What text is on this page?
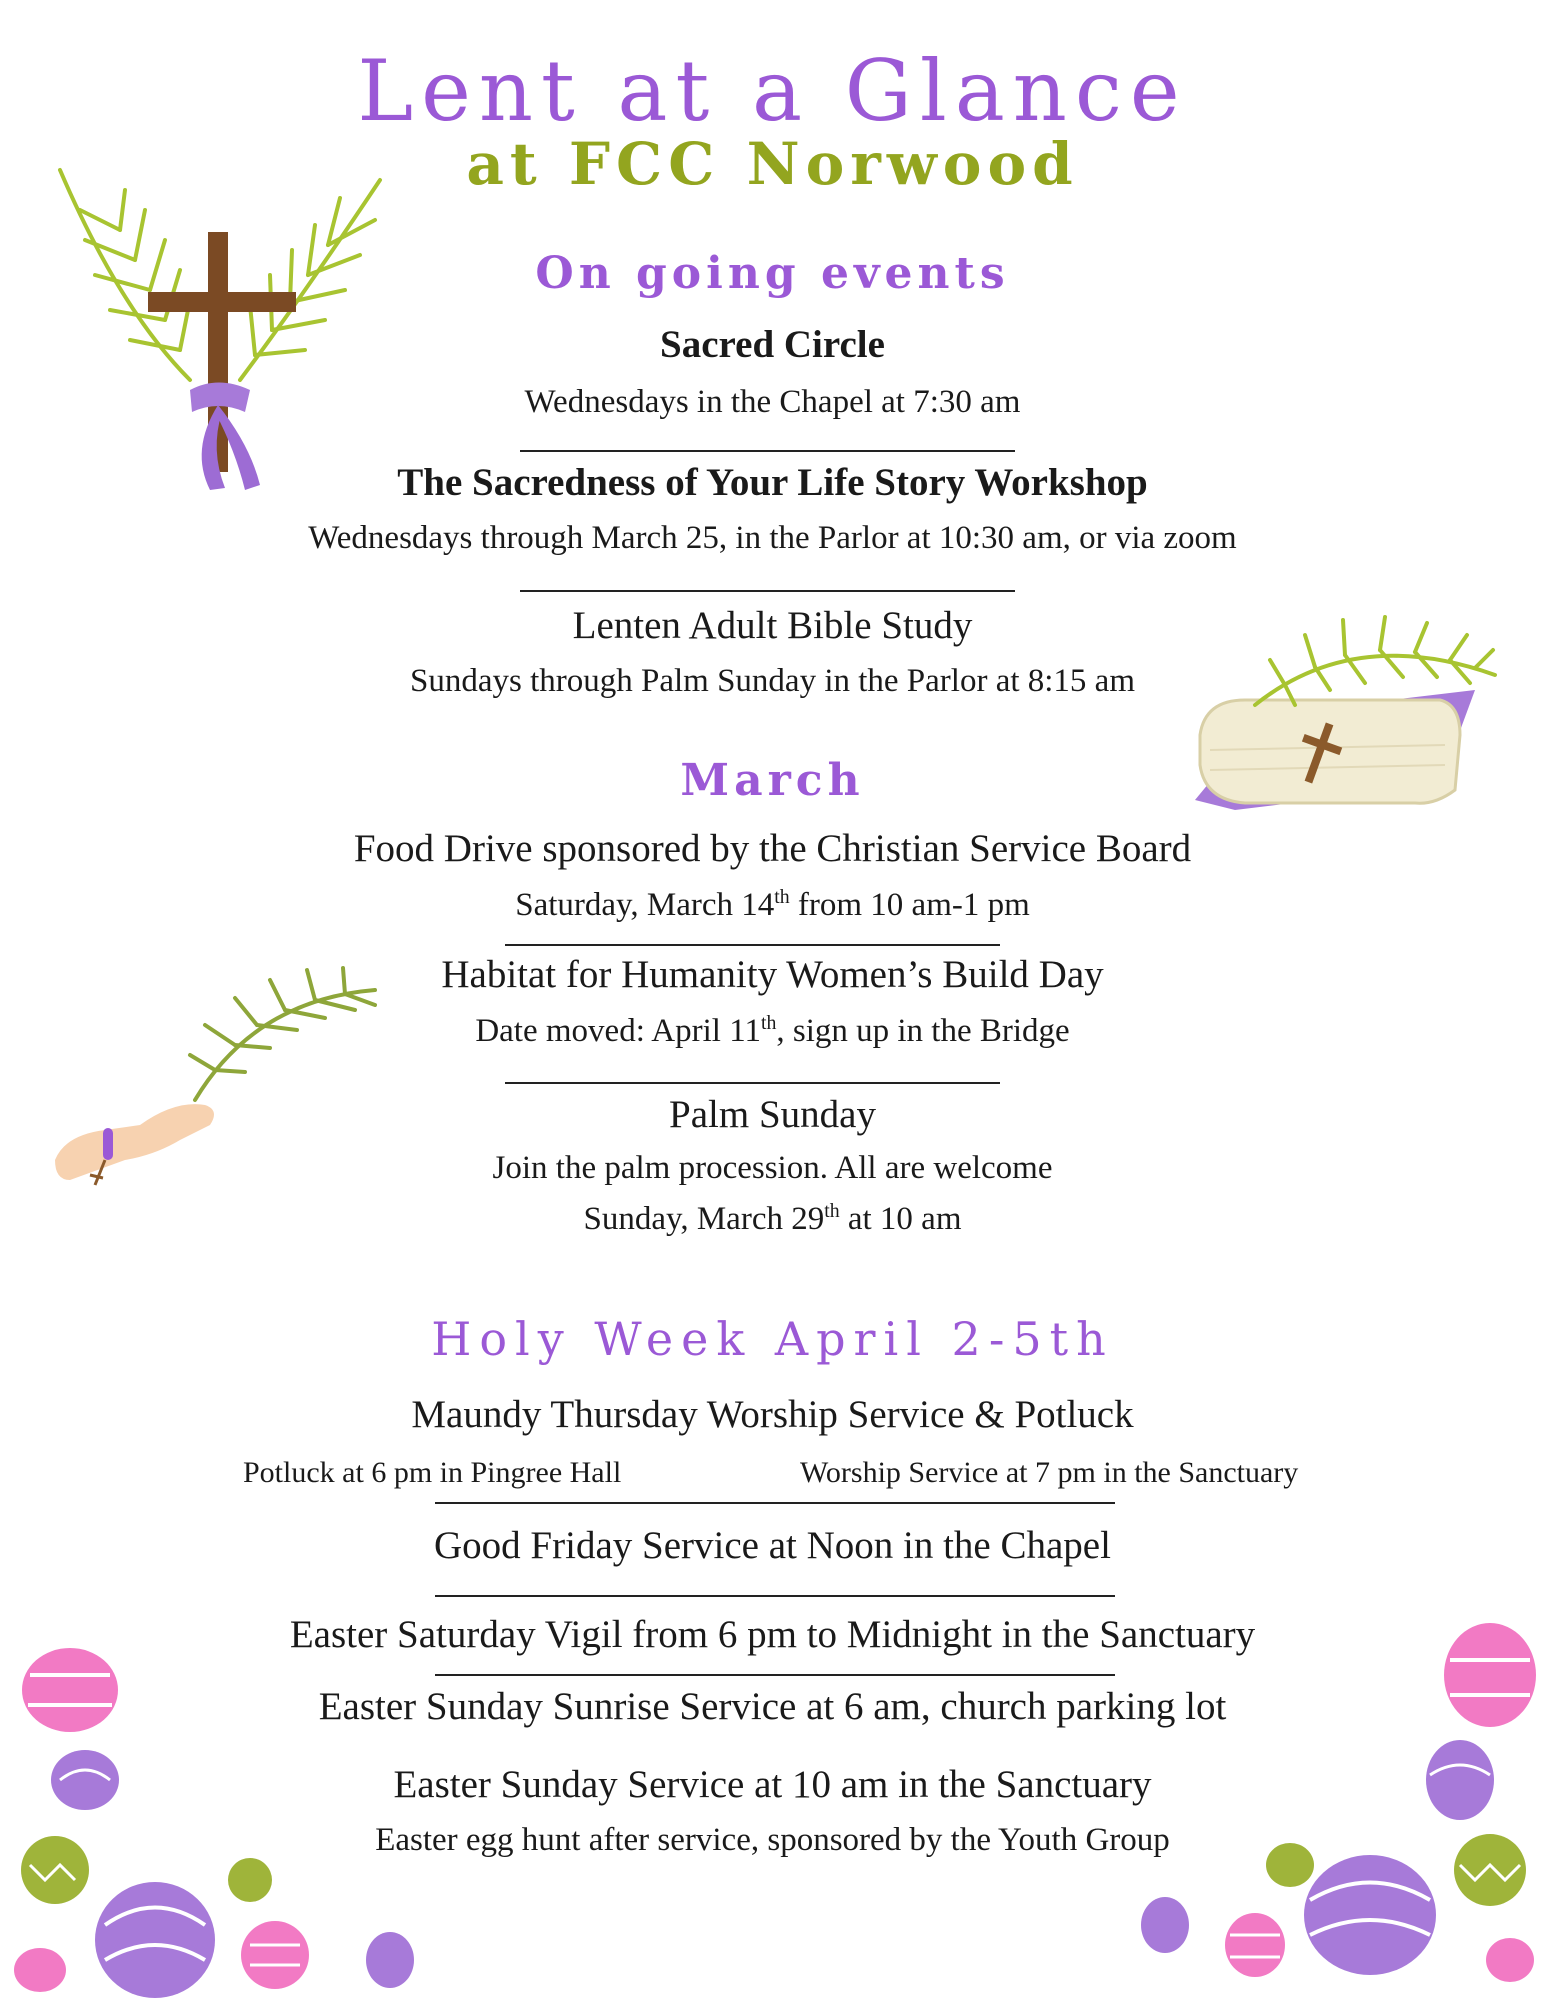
Lent at a Glance
at FCC Norwood
On going events
Sacred Circle
Wednesdays in the Chapel at 7:30 am
The Sacredness of Your Life Story Workshop
Wednesdays through March 25, in the Parlor at 10:30 am, or via zoom
Lenten Adult Bible Study
Sundays through Palm Sunday in the Parlor at 8:15 am
March
Food Drive sponsored by the Christian Service Board
Saturday, March 14th from 10 am-1 pm
Habitat for Humanity Women’s Build Day
Date moved: April 11th, sign up in the Bridge
Palm Sunday
Join the palm procession. All are welcome
Sunday, March 29th at 10 am
Holy Week April 2-5th
Maundy Thursday Worship Service & Potluck
Potluck at 6 pm in Pingree Hall	Worship Service at 7 pm in the Sanctuary
Good Friday Service at Noon in the Chapel
Easter Saturday Vigil from 6 pm to Midnight in the Sanctuary
Easter Sunday Sunrise Service at 6 am, church parking lot
Easter Sunday Service at 10 am in the Sanctuary
Easter egg hunt after service, sponsored by the Youth Group
